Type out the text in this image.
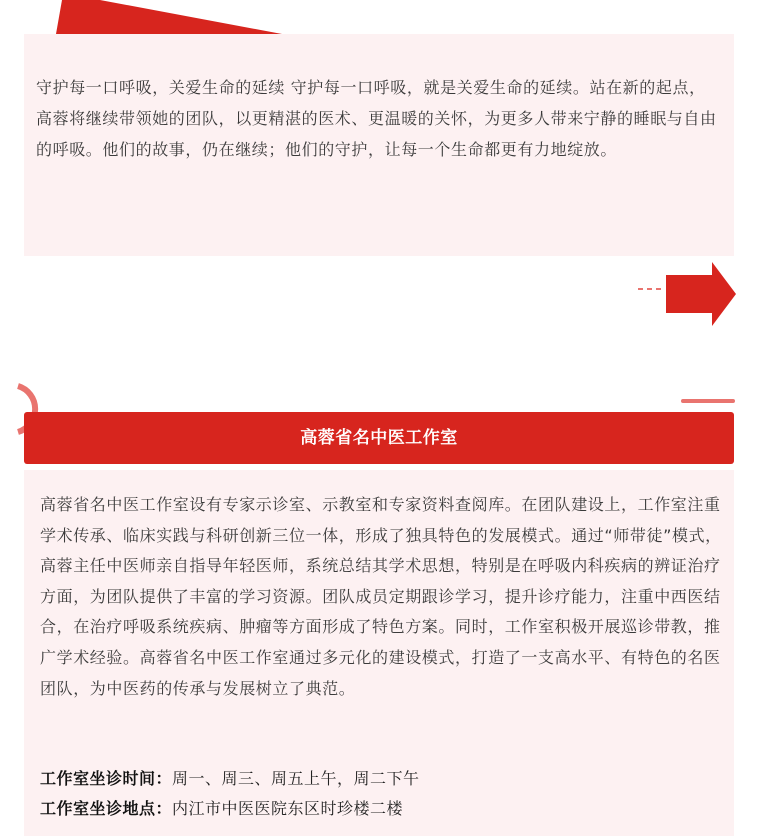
守护每一口呼吸，关爱生命的延续 守护每一口呼吸，就是关爱生命的延续。站在新的起点，高蓉将继续带领她的团队，以更精湛的医术、更温暖的关怀，为更多人带来宁静的睡眠与自由的呼吸。他们的故事，仍在继续；他们的守护，让每一个生命都更有力地绽放。

高蓉省名中医工作室

高蓉省名中医工作室设有专家示诊室、示教室和专家资料查阅库。在团队建设上，工作室注重学术传承、临床实践与科研创新三位一体，形成了独具特色的发展模式。通过“师带徒”模式，高蓉主任中医师亲自指导年轻医师，系统总结其学术思想，特别是在呼吸内科疾病的辨证治疗方面，为团队提供了丰富的学习资源。团队成员定期跟诊学习，提升诊疗能力，注重中西医结合，在治疗呼吸系统疾病、肿瘤等方面形成了特色方案。同时，工作室积极开展巡诊带教，推广学术经验。高蓉省名中医工作室通过多元化的建设模式，打造了一支高水平、有特色的名医团队，为中医药的传承与发展树立了典范。

工作室坐诊时间：周一、周三、周五上午，周二下午
工作室坐诊地点：内江市中医医院东区时珍楼二楼
